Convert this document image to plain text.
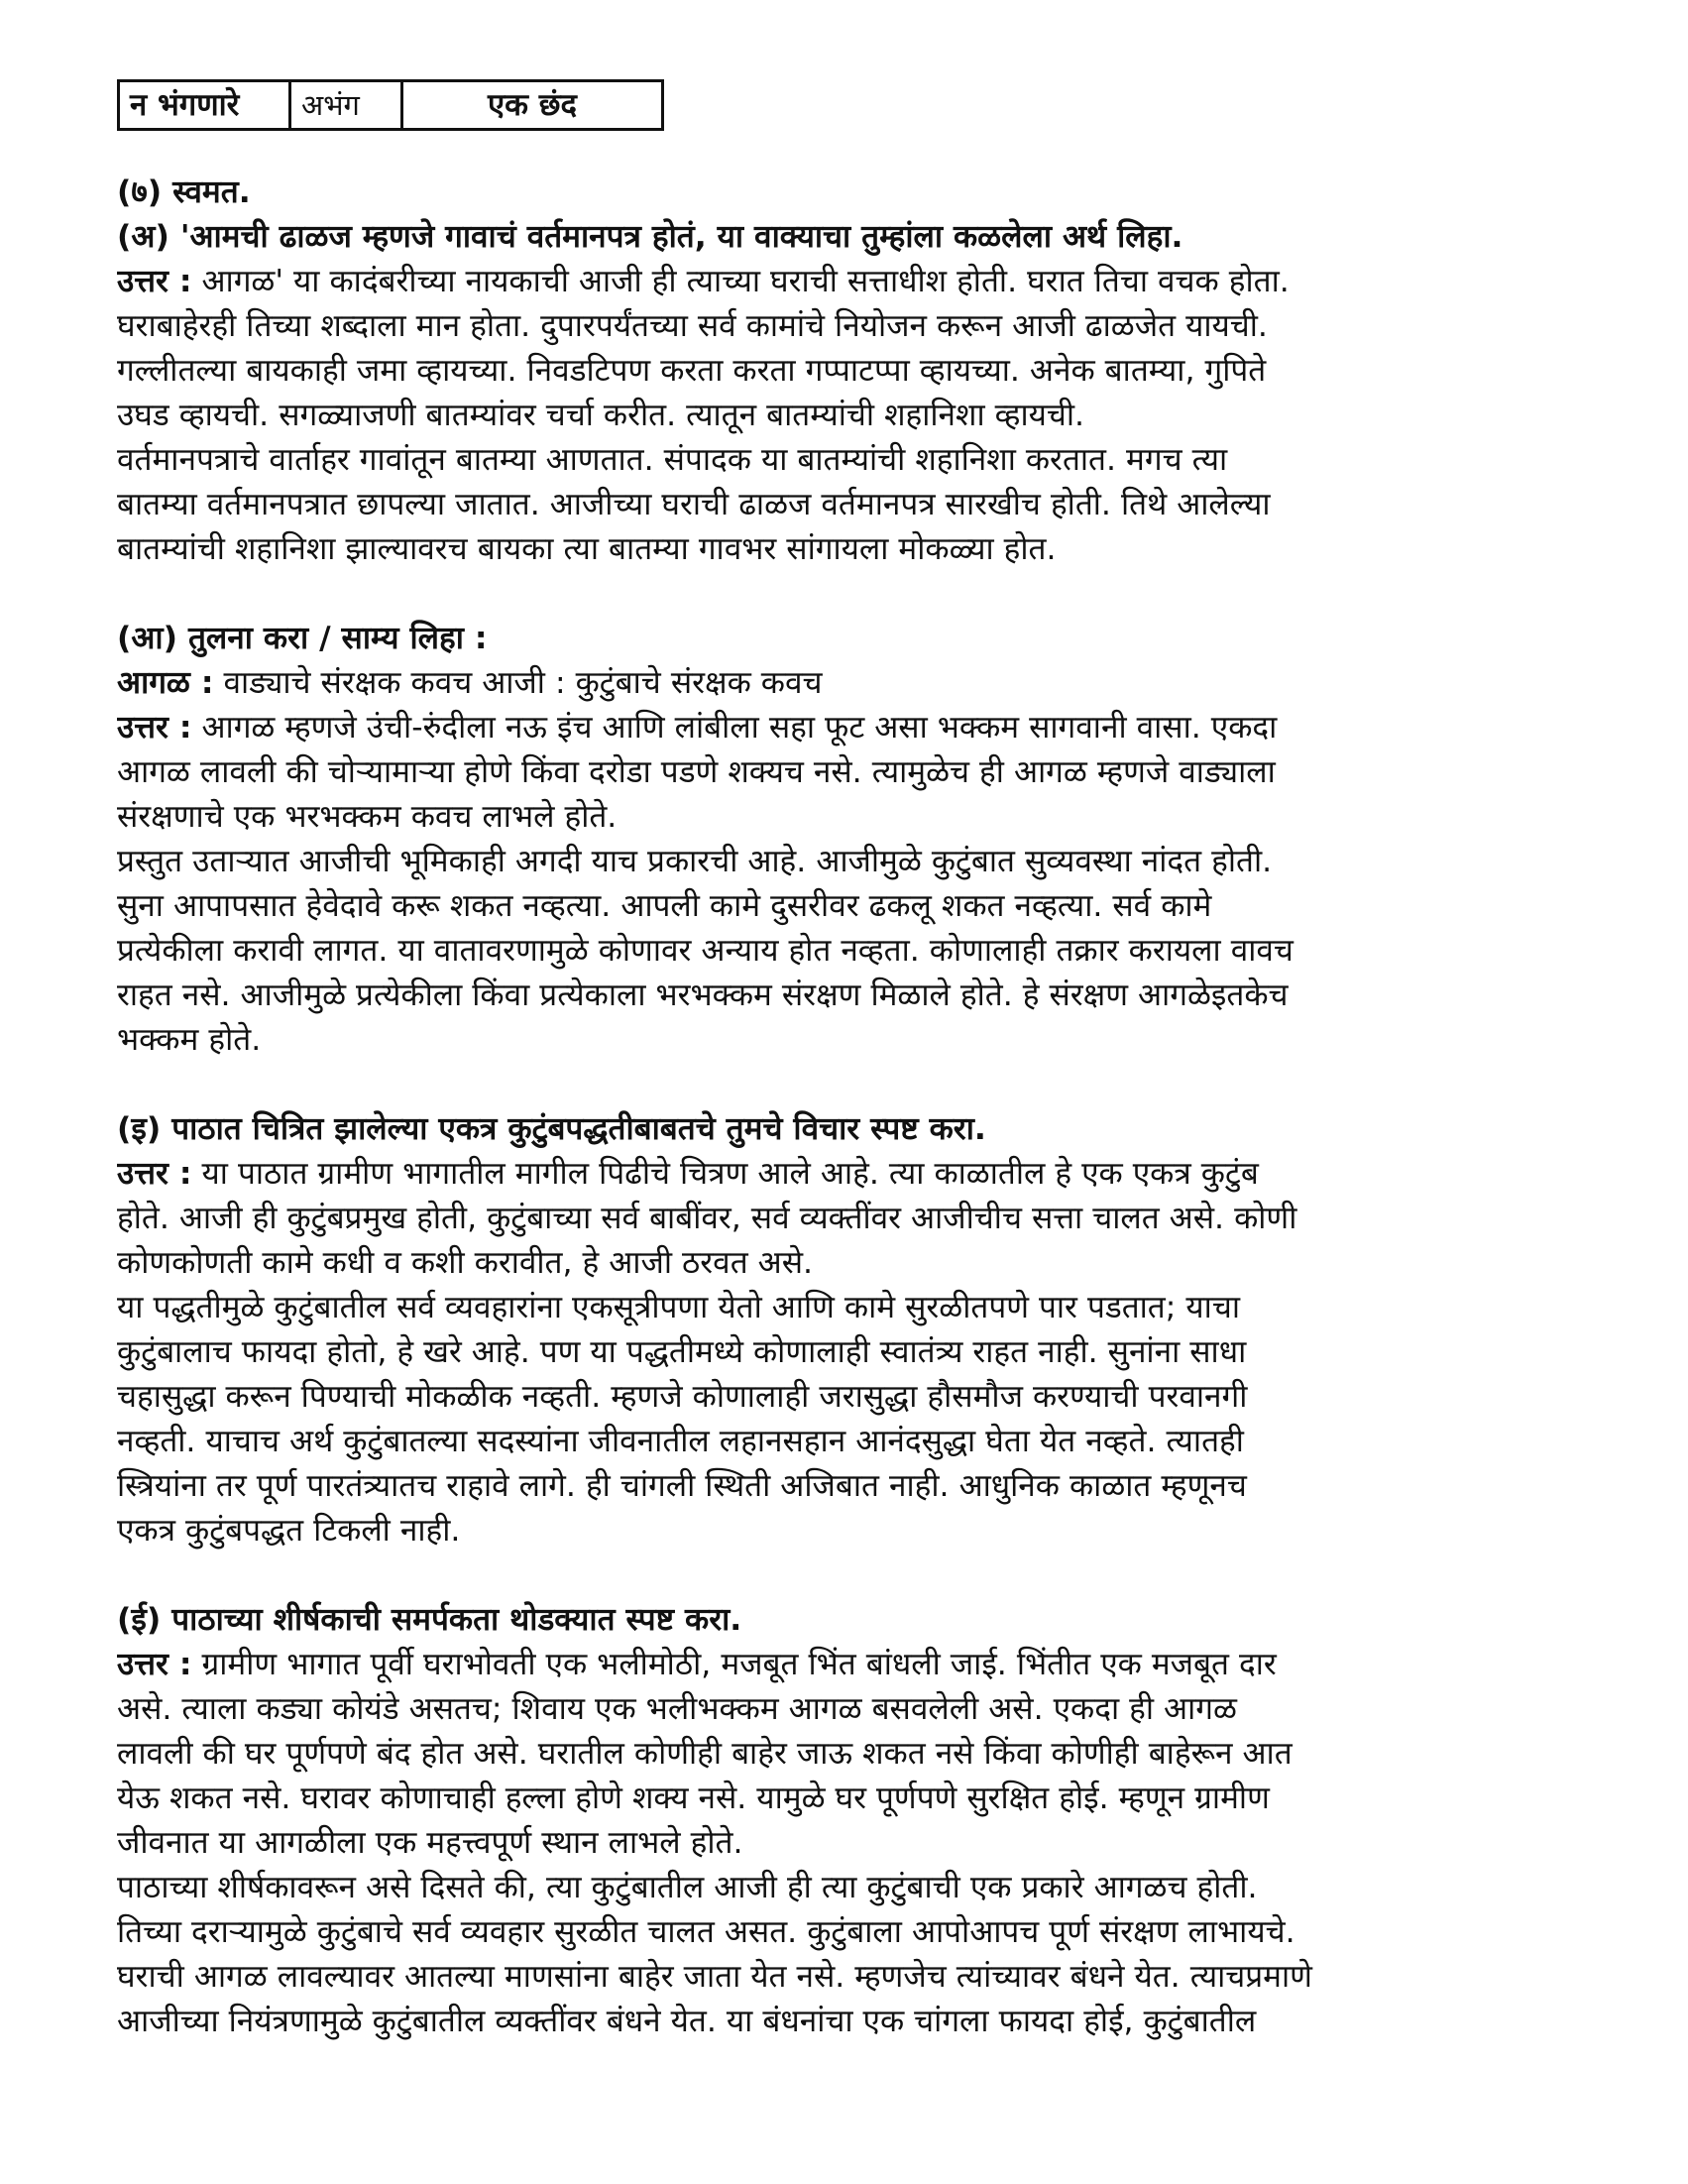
न भंगणारे	अभंग	एक छंद
(७) स्वमत.
(अ) 'आमची ढाळज म्हणजे गावाचं वर्तमानपत्र होतं, या वाक्याचा तुम्हांला कळलेला अर्थ लिहा.
उत्तर : आगळ' या कादंबरीच्या नायकाची आजी ही त्याच्या घराची सत्ताधीश होती. घरात तिचा वचक होता.
घराबाहेरही तिच्या शब्दाला मान होता. दुपारपर्यंतच्या सर्व कामांचे नियोजन करून आजी ढाळजेत यायची.
गल्लीतल्या बायकाही जमा व्हायच्या. निवडटिपण करता करता गप्पाटप्पा व्हायच्या. अनेक बातम्या, गुपिते
उघड व्हायची. सगळ्याजणी बातम्यांवर चर्चा करीत. त्यातून बातम्यांची शहानिशा व्हायची.
वर्तमानपत्राचे वार्ताहर गावांतून बातम्या आणतात. संपादक या बातम्यांची शहानिशा करतात. मगच त्या
बातम्या वर्तमानपत्रात छापल्या जातात. आजीच्या घराची ढाळज वर्तमानपत्र सारखीच होती. तिथे आलेल्या
बातम्यांची शहानिशा झाल्यावरच बायका त्या बातम्या गावभर सांगायला मोकळ्या होत.
(आ) तुलना करा / साम्य लिहा :
आगळ : वाड्याचे संरक्षक कवच आजी : कुटुंबाचे संरक्षक कवच
उत्तर : आगळ म्हणजे उंची-रुंदीला नऊ इंच आणि लांबीला सहा फूट असा भक्कम सागवानी वासा. एकदा
आगळ लावली की चोऱ्यामाऱ्या होणे किंवा दरोडा पडणे शक्यच नसे. त्यामुळेच ही आगळ म्हणजे वाड्याला
संरक्षणाचे एक भरभक्कम कवच लाभले होते.
प्रस्तुत उताऱ्यात आजीची भूमिकाही अगदी याच प्रकारची आहे. आजीमुळे कुटुंबात सुव्यवस्था नांदत होती.
सुना आपापसात हेवेदावे करू शकत नव्हत्या. आपली कामे दुसरीवर ढकलू शकत नव्हत्या. सर्व कामे
प्रत्येकीला करावी लागत. या वातावरणामुळे कोणावर अन्याय होत नव्हता. कोणालाही तक्रार करायला वावच
राहत नसे. आजीमुळे प्रत्येकीला किंवा प्रत्येकाला भरभक्कम संरक्षण मिळाले होते. हे संरक्षण आगळेइतकेच
भक्कम होते.
(इ) पाठात चित्रित झालेल्या एकत्र कुटुंबपद्धतीबाबतचे तुमचे विचार स्पष्ट करा.
उत्तर : या पाठात ग्रामीण भागातील मागील पिढीचे चित्रण आले आहे. त्या काळातील हे एक एकत्र कुटुंब
होते. आजी ही कुटुंबप्रमुख होती, कुटुंबाच्या सर्व बाबींवर, सर्व व्यक्तींवर आजीचीच सत्ता चालत असे. कोणी
कोणकोणती कामे कधी व कशी करावीत, हे आजी ठरवत असे.
या पद्धतीमुळे कुटुंबातील सर्व व्यवहारांना एकसूत्रीपणा येतो आणि कामे सुरळीतपणे पार पडतात; याचा
कुटुंबालाच फायदा होतो, हे खरे आहे. पण या पद्धतीमध्ये कोणालाही स्वातंत्र्य राहत नाही. सुनांना साधा
चहासुद्धा करून पिण्याची मोकळीक नव्हती. म्हणजे कोणालाही जरासुद्धा हौसमौज करण्याची परवानगी
नव्हती. याचाच अर्थ कुटुंबातल्या सदस्यांना जीवनातील लहानसहान आनंदसुद्धा घेता येत नव्हते. त्यातही
स्त्रियांना तर पूर्ण पारतंत्र्यातच राहावे लागे. ही चांगली स्थिती अजिबात नाही. आधुनिक काळात म्हणूनच
एकत्र कुटुंबपद्धत टिकली नाही.
(ई) पाठाच्या शीर्षकाची समर्पकता थोडक्यात स्पष्ट करा.
उत्तर : ग्रामीण भागात पूर्वी घराभोवती एक भलीमोठी, मजबूत भिंत बांधली जाई. भिंतीत एक मजबूत दार
असे. त्याला कड्या कोयंडे असतच; शिवाय एक भलीभक्कम आगळ बसवलेली असे. एकदा ही आगळ
लावली की घर पूर्णपणे बंद होत असे. घरातील कोणीही बाहेर जाऊ शकत नसे किंवा कोणीही बाहेरून आत
येऊ शकत नसे. घरावर कोणाचाही हल्ला होणे शक्य नसे. यामुळे घर पूर्णपणे सुरक्षित होई. म्हणून ग्रामीण
जीवनात या आगळीला एक महत्त्वपूर्ण स्थान लाभले होते.
पाठाच्या शीर्षकावरून असे दिसते की, त्या कुटुंबातील आजी ही त्या कुटुंबाची एक प्रकारे आगळच होती.
तिच्या दराऱ्यामुळे कुटुंबाचे सर्व व्यवहार सुरळीत चालत असत. कुटुंबाला आपोआपच पूर्ण संरक्षण लाभायचे.
घराची आगळ लावल्यावर आतल्या माणसांना बाहेर जाता येत नसे. म्हणजेच त्यांच्यावर बंधने येत. त्याचप्रमाणे
आजीच्या नियंत्रणामुळे कुटुंबातील व्यक्तींवर बंधने येत. या बंधनांचा एक चांगला फायदा होई, कुटुंबातील
